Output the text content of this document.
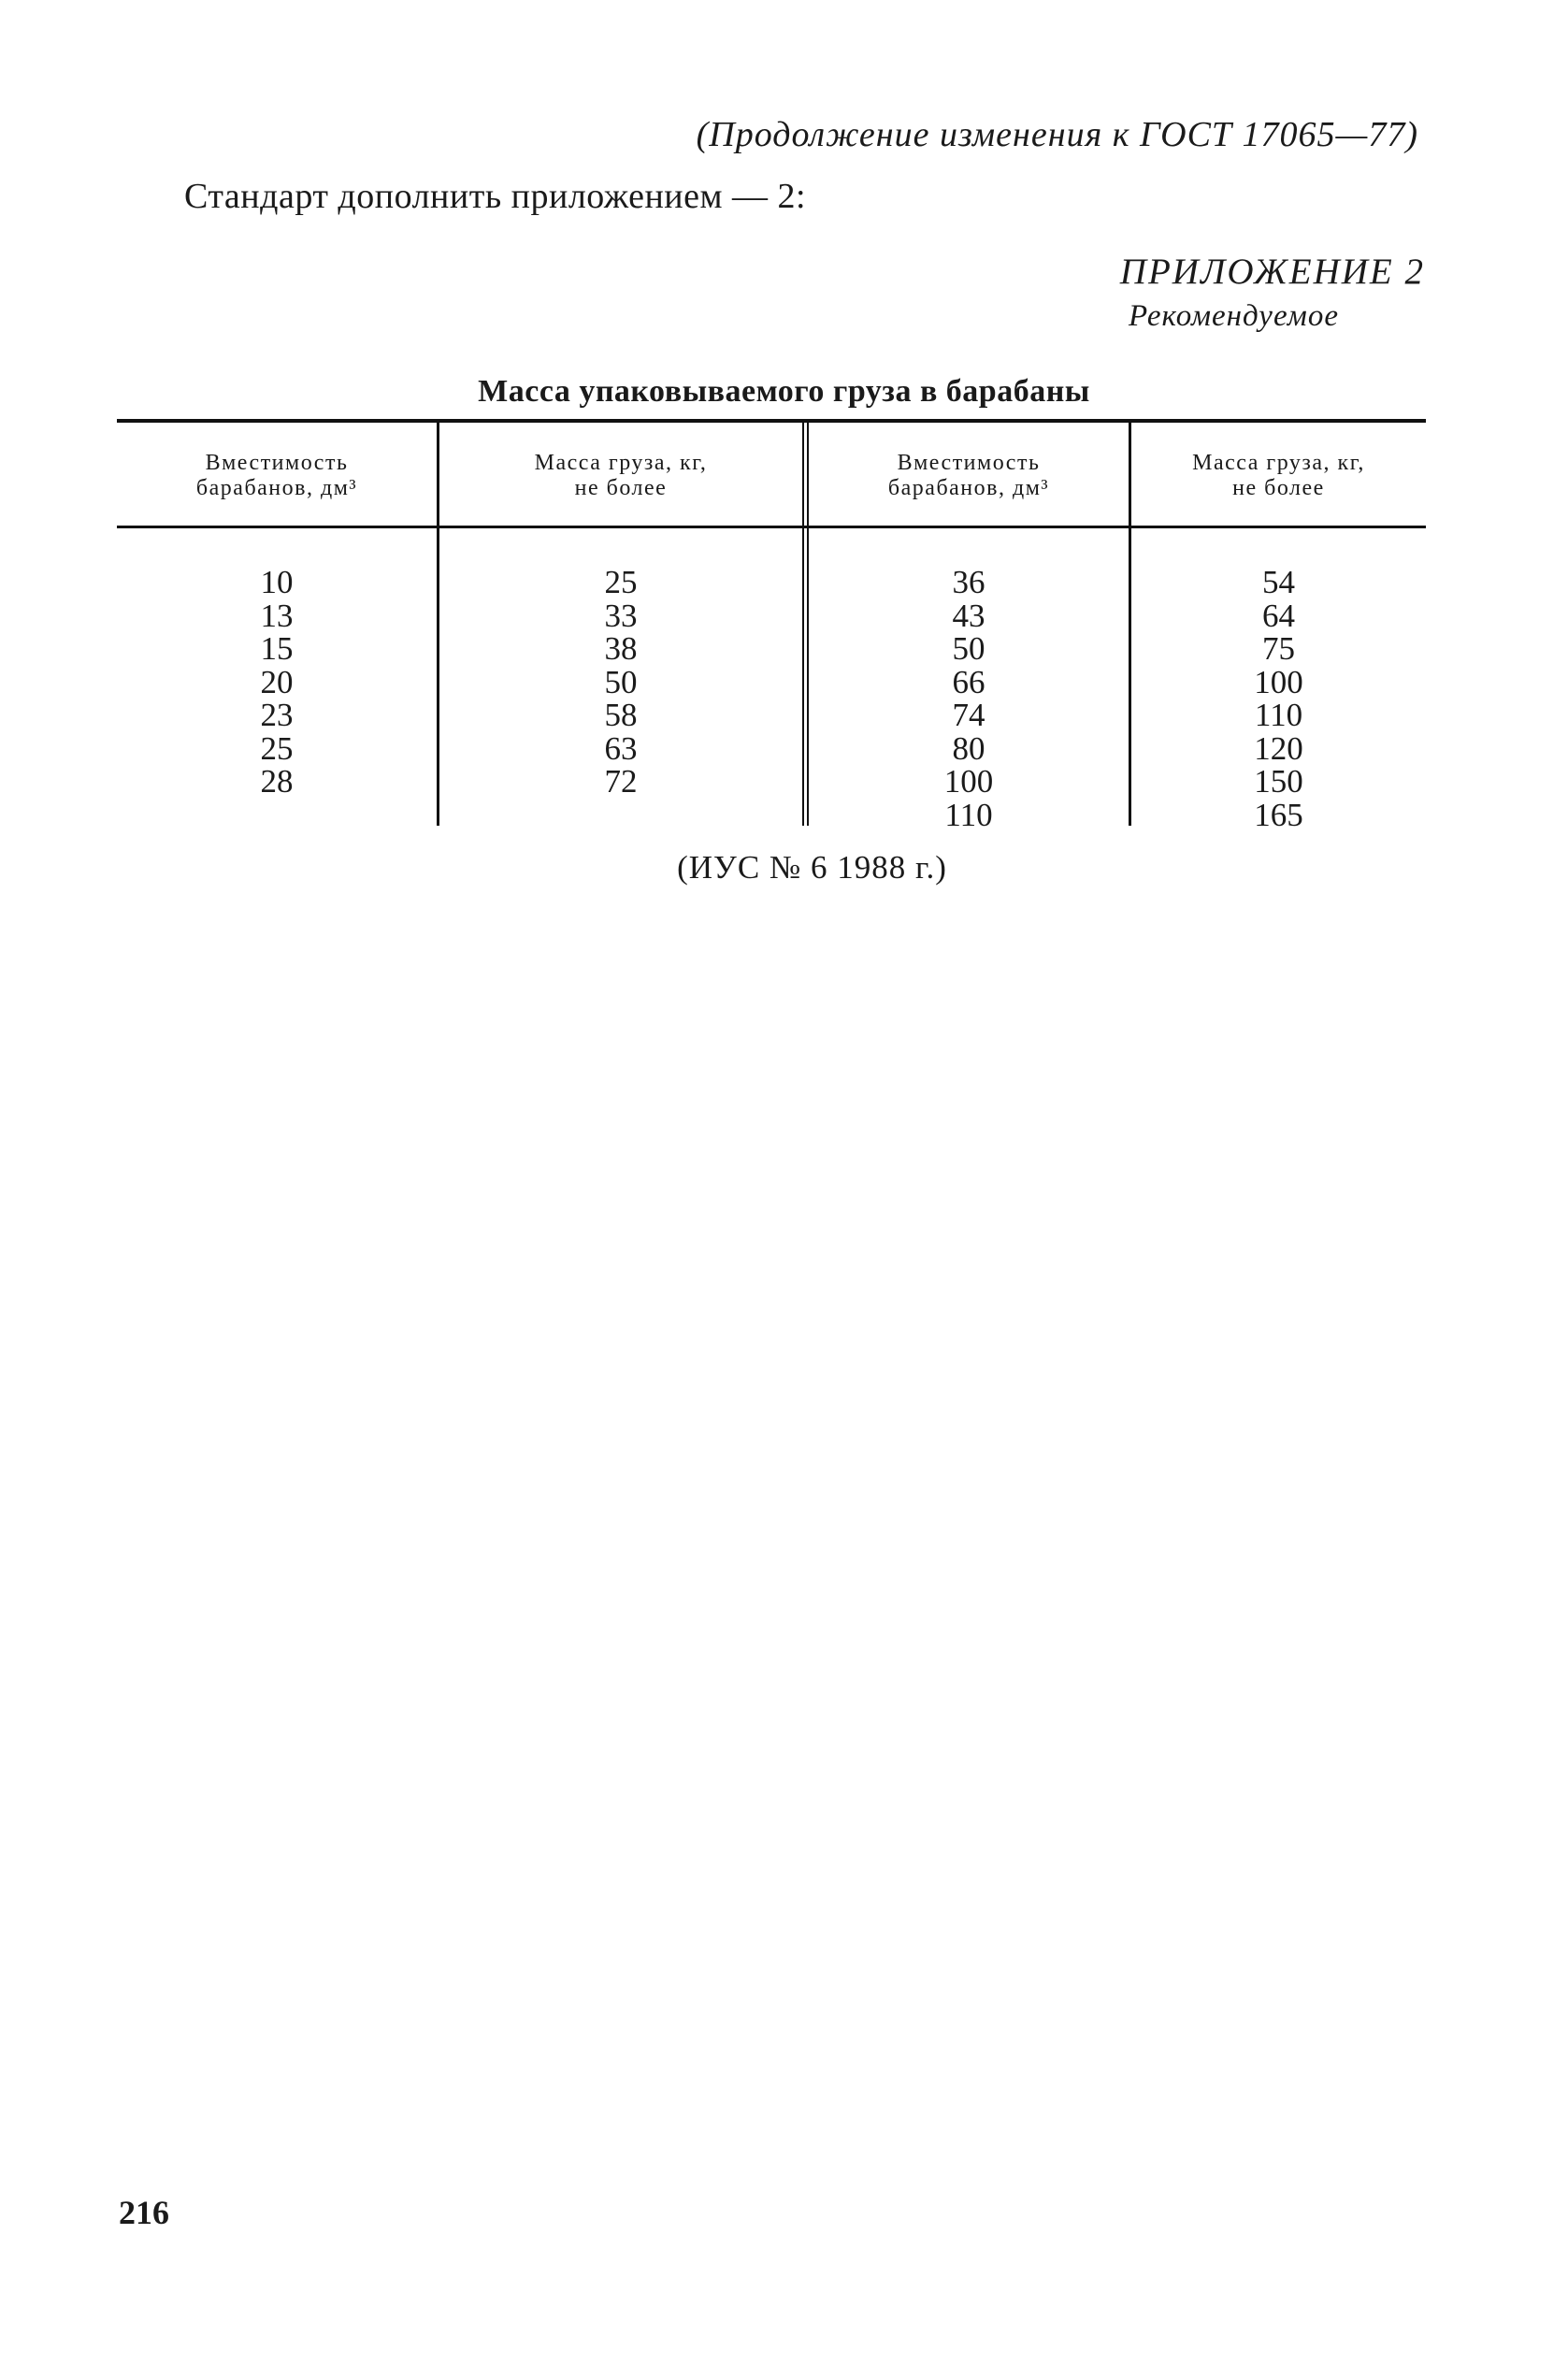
(Продолжение изменения к ГОСТ 17065—77)
Стандарт дополнить приложением — 2:
ПРИЛОЖЕНИЕ 2
Рекомендуемое
Масса упаковываемого груза в барабаны
Вместимость
барабанов, дм³
Масса груза, кг,
не более
Вместимость
барабанов, дм³
Масса груза, кг,
не более
10
13
15
20
23
25
28
25
33
38
50
58
63
72
36
43
50
66
74
80
100
110
54
64
75
100
110
120
150
165
(ИУС № 6 1988 г.)
216
